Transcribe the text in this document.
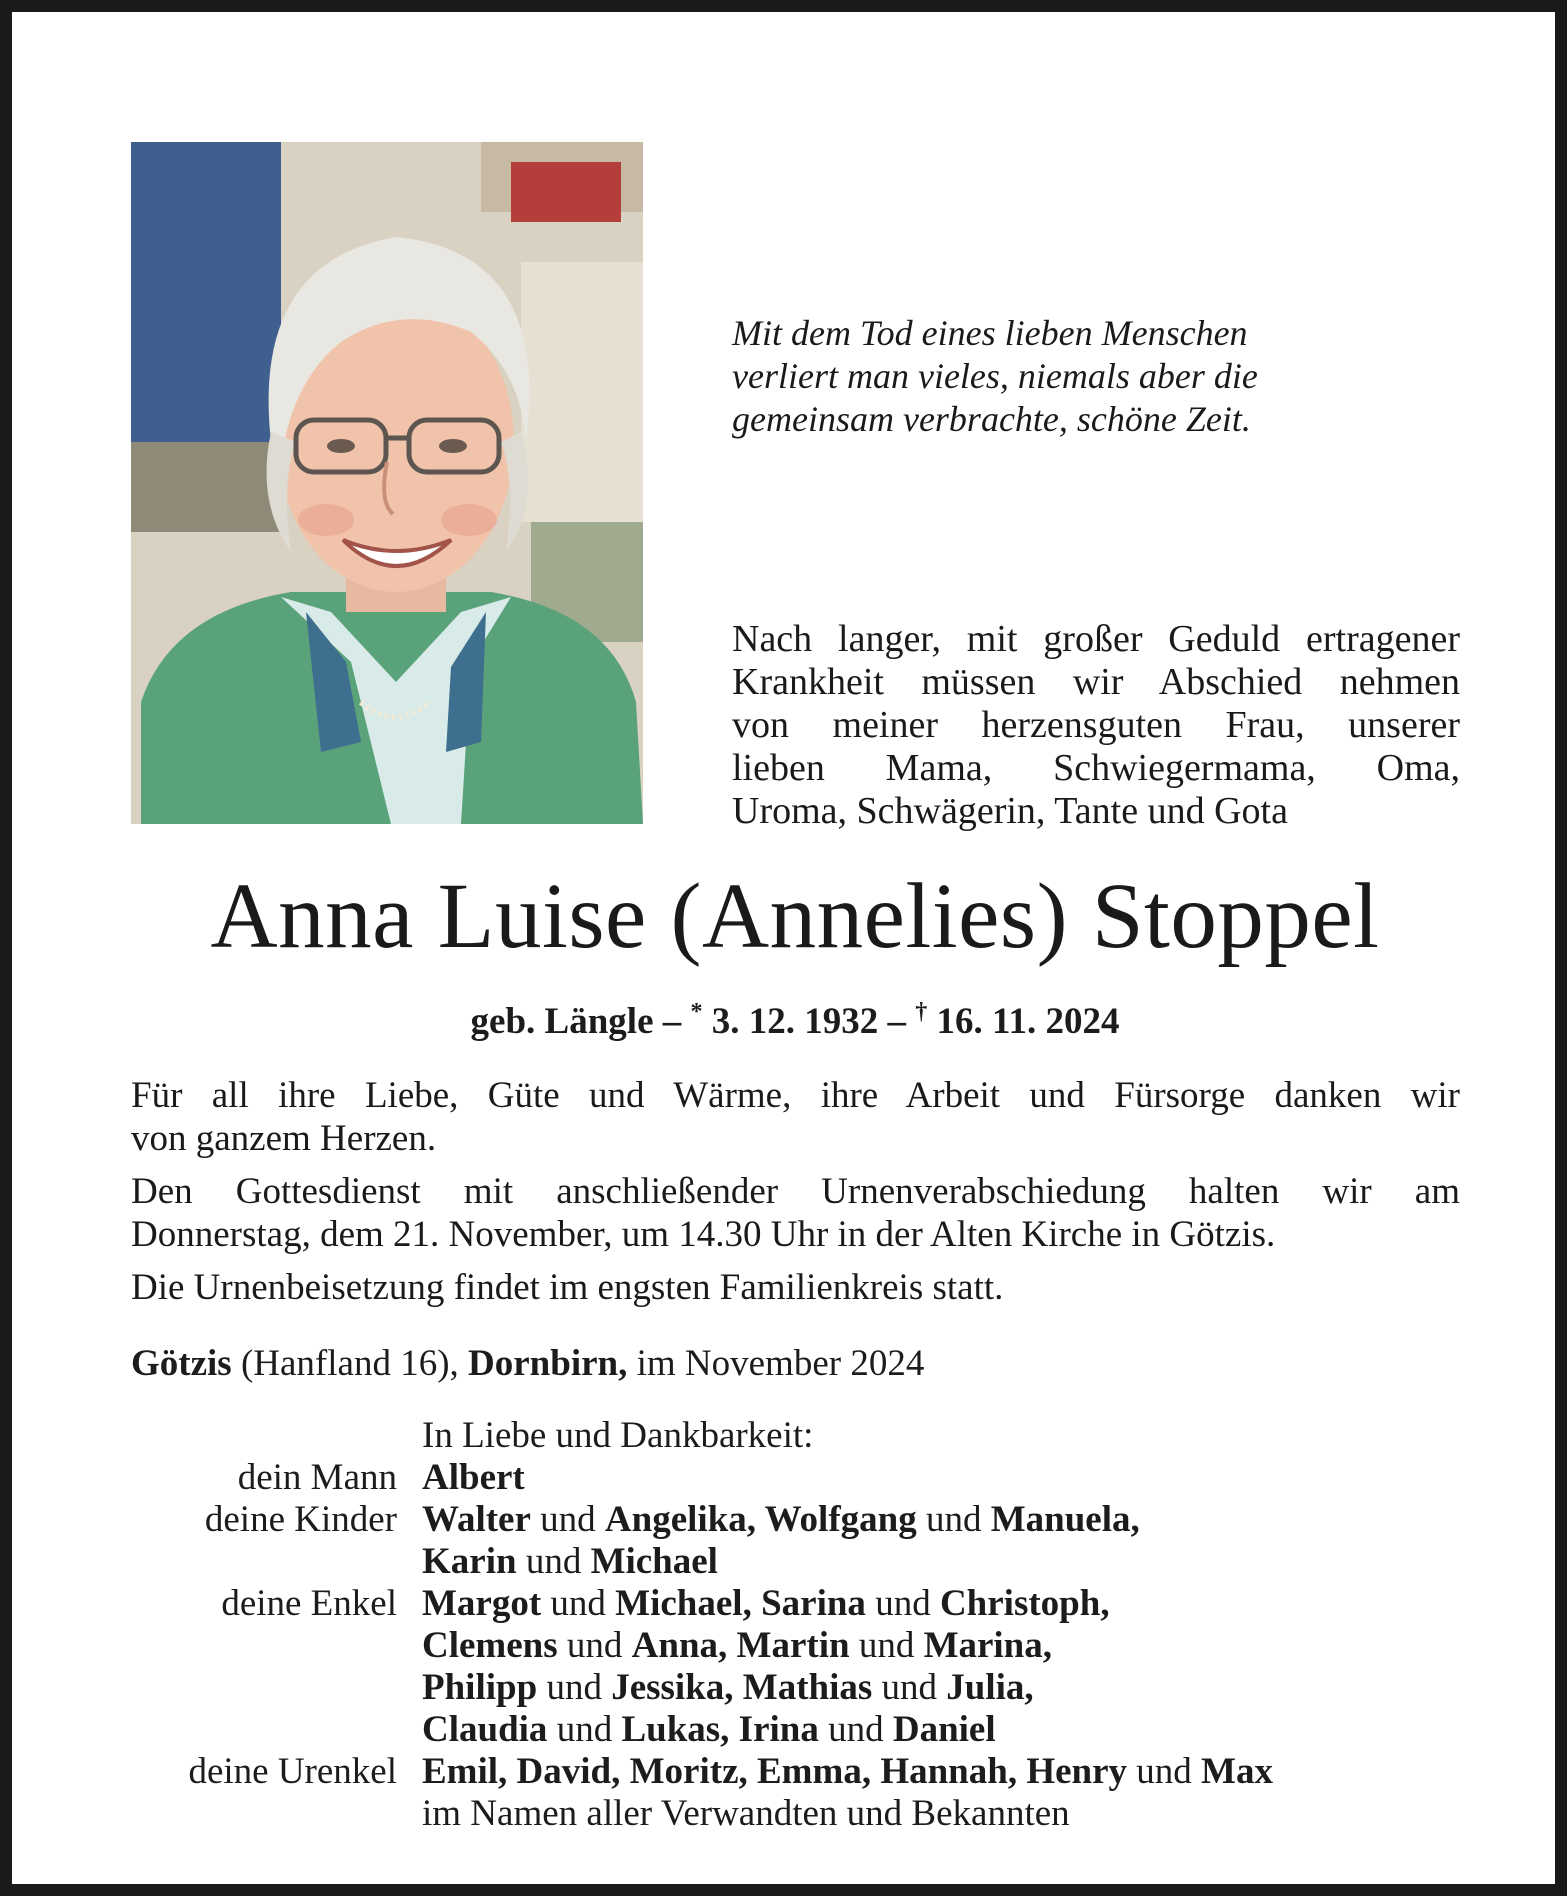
Mit dem Tod eines lieben Menschen
verliert man vieles, niemals aber die
gemeinsam verbrachte, schöne Zeit.
Nach langer, mit großer Geduld ertragener
Krankheit müssen wir Abschied nehmen
von meiner herzensguten Frau, unserer
lieben Mama, Schwiegermama, Oma,
Uroma, Schwägerin, Tante und Gota
Anna Luise (Annelies) Stoppel
geb. Längle – * 3. 12. 1932 – † 16. 11. 2024
Für all ihre Liebe, Güte und Wärme, ihre Arbeit und Fürsorge danken wir
von ganzem Herzen.
Den Gottesdienst mit anschließender Urnenverabschiedung halten wir am
Donnerstag, dem 21. November, um 14.30 Uhr in der Alten Kirche in Götzis.
Die Urnenbeisetzung findet im engsten Familienkreis statt.
Götzis (Hanfland 16), Dornbirn, im November 2024
In Liebe und Dankbarkeit:
dein Mann Albert
deine Kinder Walter und Angelika, Wolfgang und Manuela,
Karin und Michael
deine Enkel Margot und Michael, Sarina und Christoph,
Clemens und Anna, Martin und Marina,
Philipp und Jessika, Mathias und Julia,
Claudia und Lukas, Irina und Daniel
deine Urenkel Emil, David, Moritz, Emma, Hannah, Henry und Max
im Namen aller Verwandten und Bekannten
